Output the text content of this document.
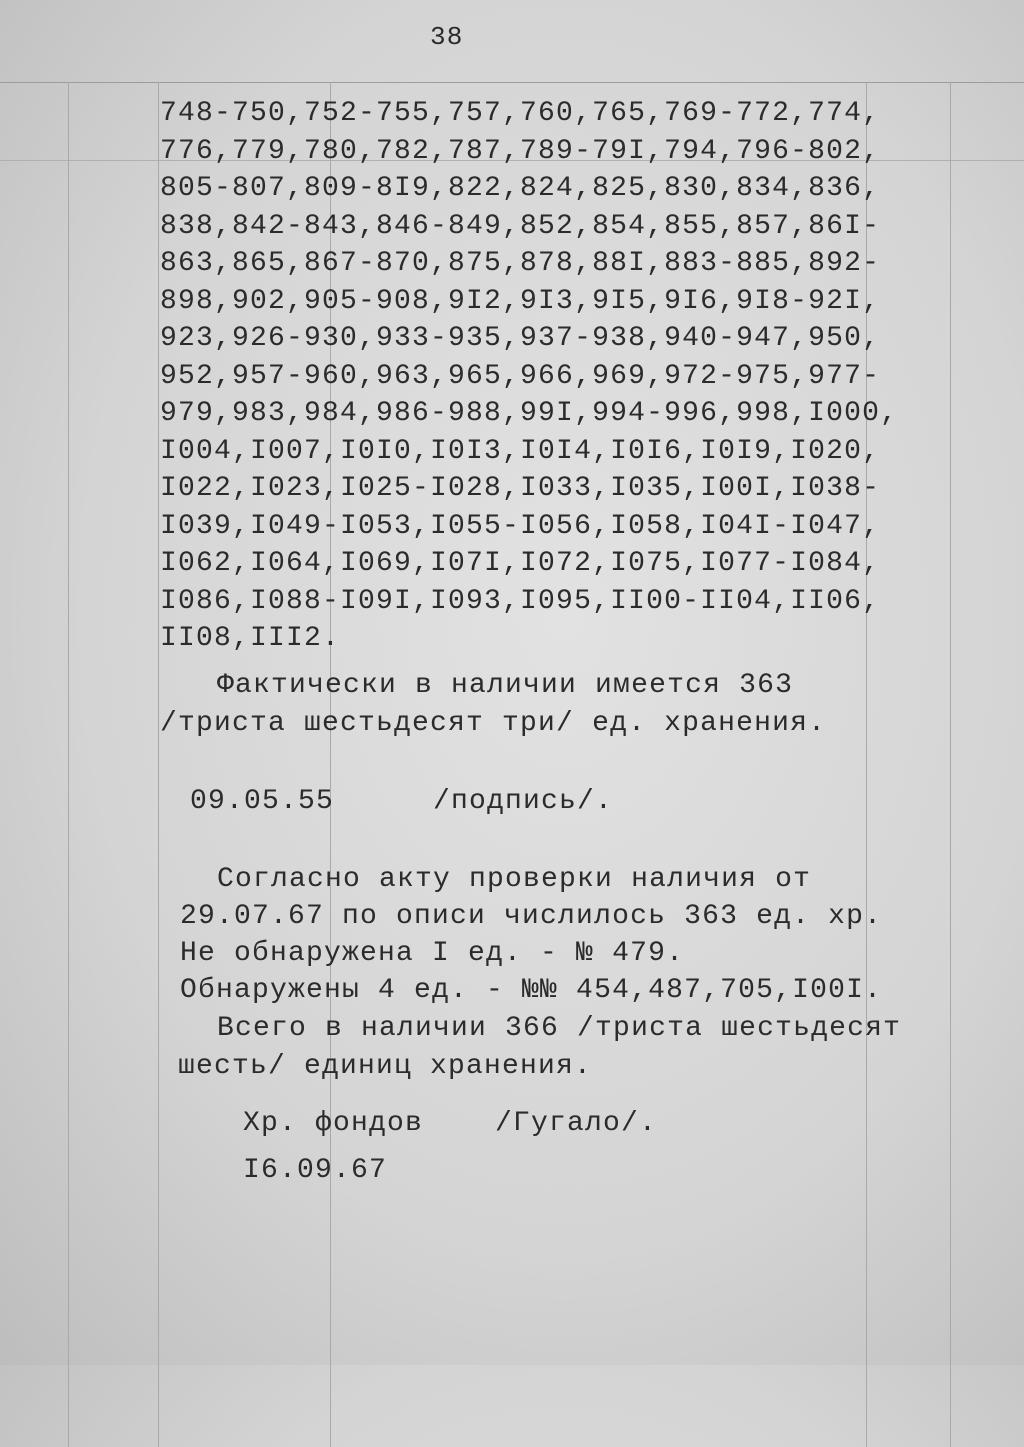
38
748-750,752-755,757,760,765,769-772,774,
776,779,780,782,787,789-79I,794,796-802,
805-807,809-8I9,822,824,825,830,834,836,
838,842-843,846-849,852,854,855,857,86I-
863,865,867-870,875,878,88I,883-885,892-
898,902,905-908,9I2,9I3,9I5,9I6,9I8-92I,
923,926-930,933-935,937-938,940-947,950,
952,957-960,963,965,966,969,972-975,977-
979,983,984,986-988,99I,994-996,998,I000,
I004,I007,I0I0,I0I3,I0I4,I0I6,I0I9,I020,
I022,I023,I025-I028,I033,I035,I00I,I038-
I039,I049-I053,I055-I056,I058,I04I-I047,
I062,I064,I069,I07I,I072,I075,I077-I084,
I086,I088-I09I,I093,I095,II00-II04,II06,
II08,III2.
Фактически в наличии имеется 363
/триста шестьдесят три/ ед. хранения.
09.05.55	/подпись/.
Согласно акту проверки наличия от
29.07.67 по описи числилось 363 ед. хр.
Не обнаружена I ед. - № 479.
Обнаружены 4 ед. - №№ 454,487,705,I00I.
Всего в наличии 366 /триста шестьдесят
шесть/ единиц хранения.
Хр. фондов	/Гугало/.
I6.09.67
